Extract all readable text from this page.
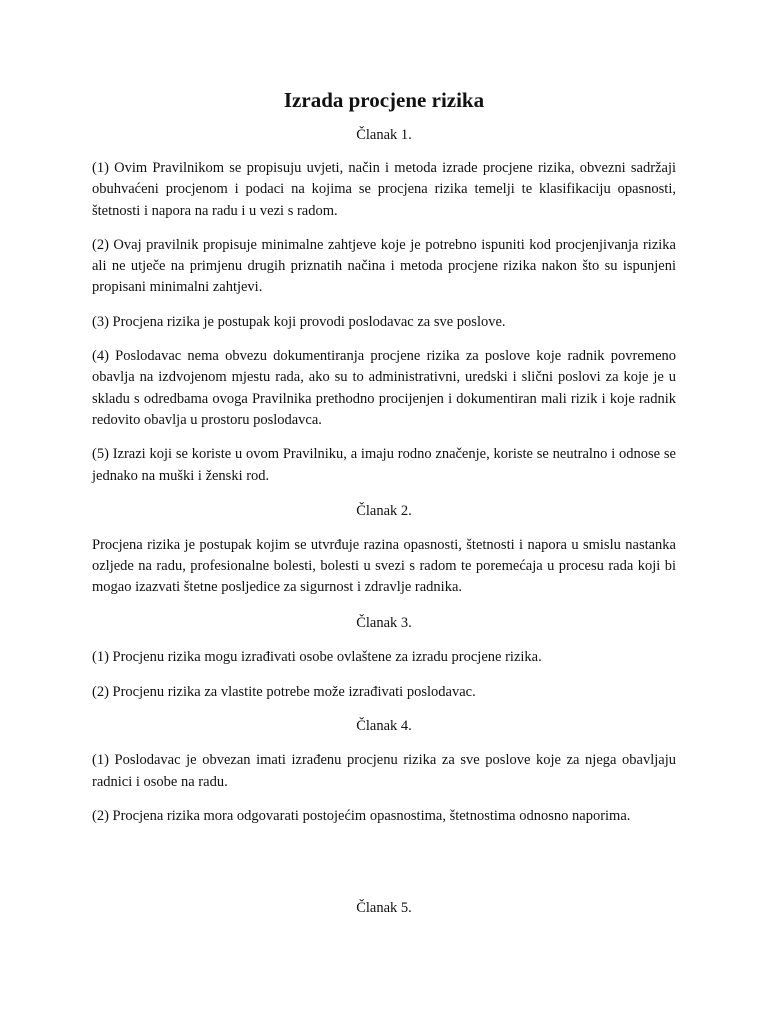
Izrada procjene rizika

Članak 1.

(1) Ovim Pravilnikom se propisuju uvjeti, način i metoda izrade procjene rizika, obvezni sadržaji obuhvaćeni procjenom i podaci na kojima se procjena rizika temelji te klasifikaciju opasnosti, štetnosti i napora na radu i u vezi s radom.

(2) Ovaj pravilnik propisuje minimalne zahtjeve koje je potrebno ispuniti kod procjenjivanja rizika ali ne utječe na primjenu drugih priznatih načina i metoda procjene rizika nakon što su ispunjeni propisani minimalni zahtjevi.

(3) Procjena rizika je postupak koji provodi poslodavac za sve poslove.

(4) Poslodavac nema obvezu dokumentiranja procjene rizika za poslove koje radnik povremeno obavlja na izdvojenom mjestu rada, ako su to administrativni, uredski i slični poslovi za koje je u skladu s odredbama ovoga Pravilnika prethodno procijenjen i dokumentiran mali rizik i koje radnik redovito obavlja u prostoru poslodavca.

(5) Izrazi koji se koriste u ovom Pravilniku, a imaju rodno značenje, koriste se neutralno i odnose se jednako na muški i ženski rod.

Članak 2.

Procjena rizika je postupak kojim se utvrđuje razina opasnosti, štetnosti i napora u smislu nastanka ozljede na radu, profesionalne bolesti, bolesti u svezi s radom te poremećaja u procesu rada koji bi mogao izazvati štetne posljedice za sigurnost i zdravlje radnika.

Članak 3.

(1) Procjenu rizika mogu izrađivati osobe ovlaštene za izradu procjene rizika.

(2) Procjenu rizika za vlastite potrebe može izrađivati poslodavac.

Članak 4.

(1) Poslodavac je obvezan imati izrađenu procjenu rizika za sve poslove koje za njega obavljaju radnici i osobe na radu.

(2) Procjena rizika mora odgovarati postojećim opasnostima, štetnostima odnosno naporima.

Članak 5.
